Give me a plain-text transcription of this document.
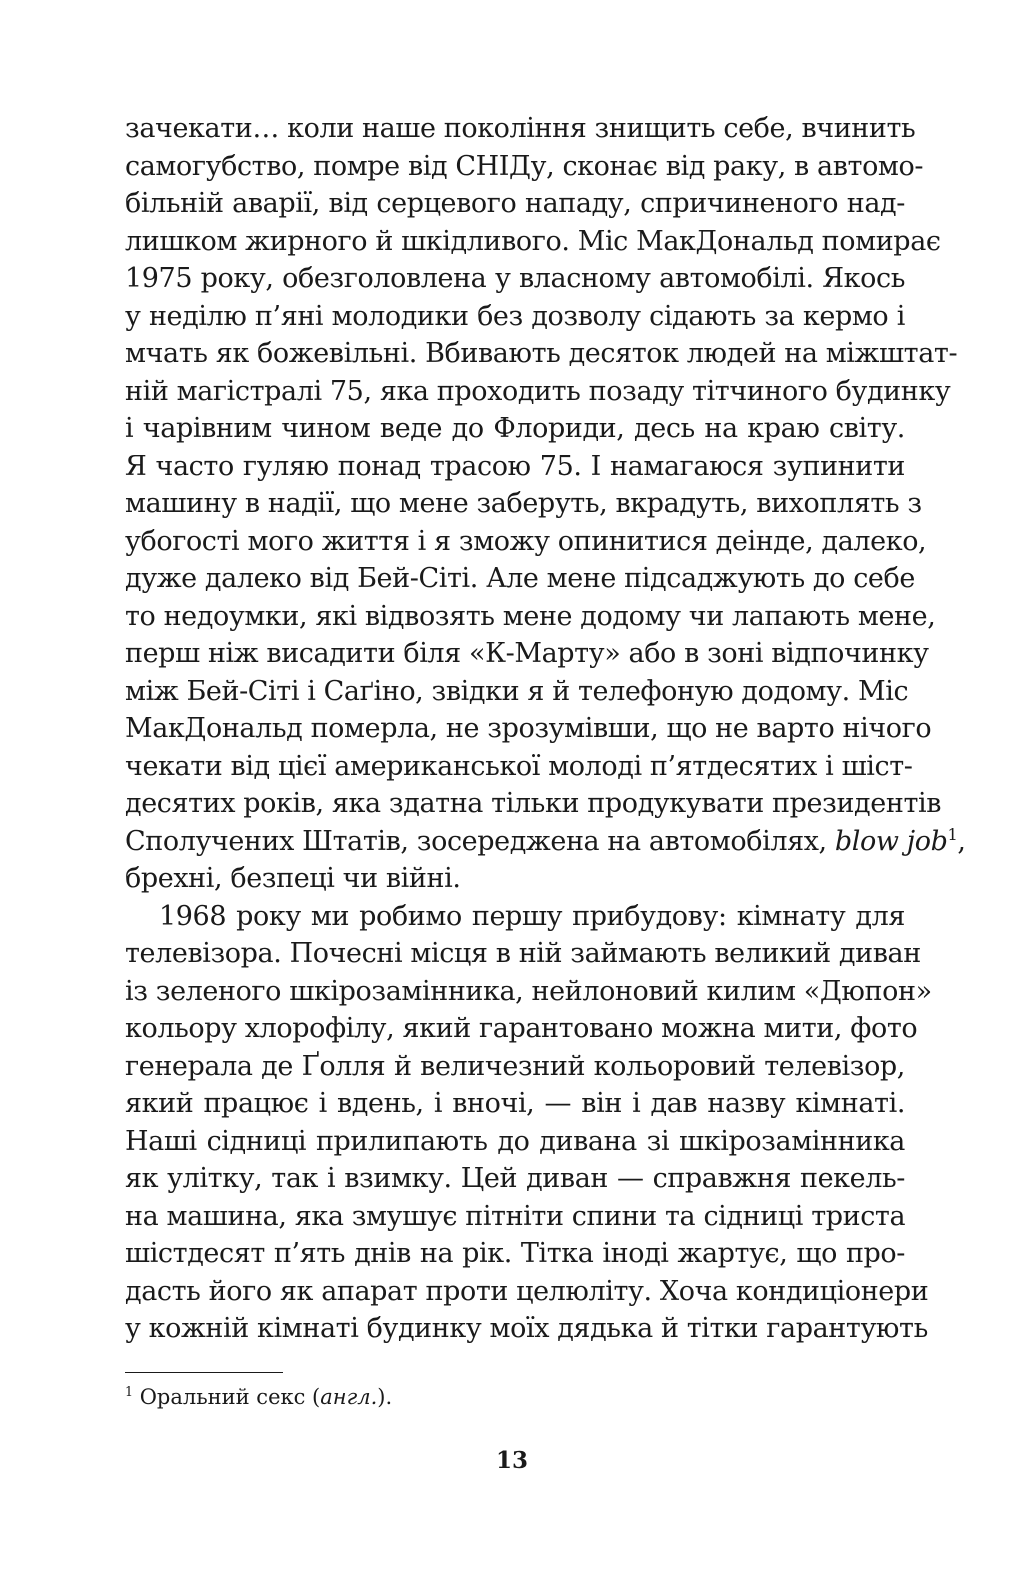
зачекати… коли наше покоління знищить себе, вчинить
самогубство, помре від СНІДу, сконає від раку, в автомо-
більній аварії, від серцевого нападу, спричиненого над-
лишком жирного й шкідливого. Міс МакДональд помирає
1975 року, обезголовлена у власному автомобілі. Якось
у неділю п’яні молодики без дозволу сідають за кермо і
мчать як божевільні. Вбивають десяток людей на міжштат-
ній магістралі 75, яка проходить позаду тітчиного будинку
і чарівним чином веде до Флориди, десь на краю світу.
Я часто гуляю понад трасою 75. І намагаюся зупинити
машину в надії, що мене заберуть, вкрадуть, вихоплять з
убогості мого життя і я зможу опинитися деінде, далеко,
дуже далеко від Бей-Сіті. Але мене підсаджують до себе
то недоумки, які відвозять мене додому чи лапають мене,
перш ніж висадити біля «К-Марту» або в зоні відпочинку
між Бей-Сіті і Саґіно, звідки я й телефоную додому. Міс
МакДональд померла, не зрозумівши, що не варто нічого
чекати від цієї американської молоді п’ятдесятих і шіст-
десятих років, яка здатна тільки продукувати президентів
Сполучених Штатів, зосереджена на автомобілях, blow job$^1$,
брехні, безпеці чи війні.
1968 року ми робимо першу прибудову: кімнату для
телевізора. Почесні місця в ній займають великий диван
із зеленого шкірозамінника, нейлоновий килим «Дюпон»
кольору хлорофілу, який гарантовано можна мити, фото
генерала де Ґолля й величезний кольоровий телевізор,
який працює і вдень, і вночі, — він і дав назву кімнаті.
Наші сідниці прилипають до дивана зі шкірозамінника
як улітку, так і взимку. Цей диван — справжня пекель-
на машина, яка змушує пітніти спини та сідниці триста
шістдесят п’ять днів на рік. Тітка іноді жартує, що про-
дасть його як апарат проти целюліту. Хоча кондиціонери
у кожній кімнаті будинку моїх дядька й тітки гарантують
$^1$ Оральний секс (англ.).
13
